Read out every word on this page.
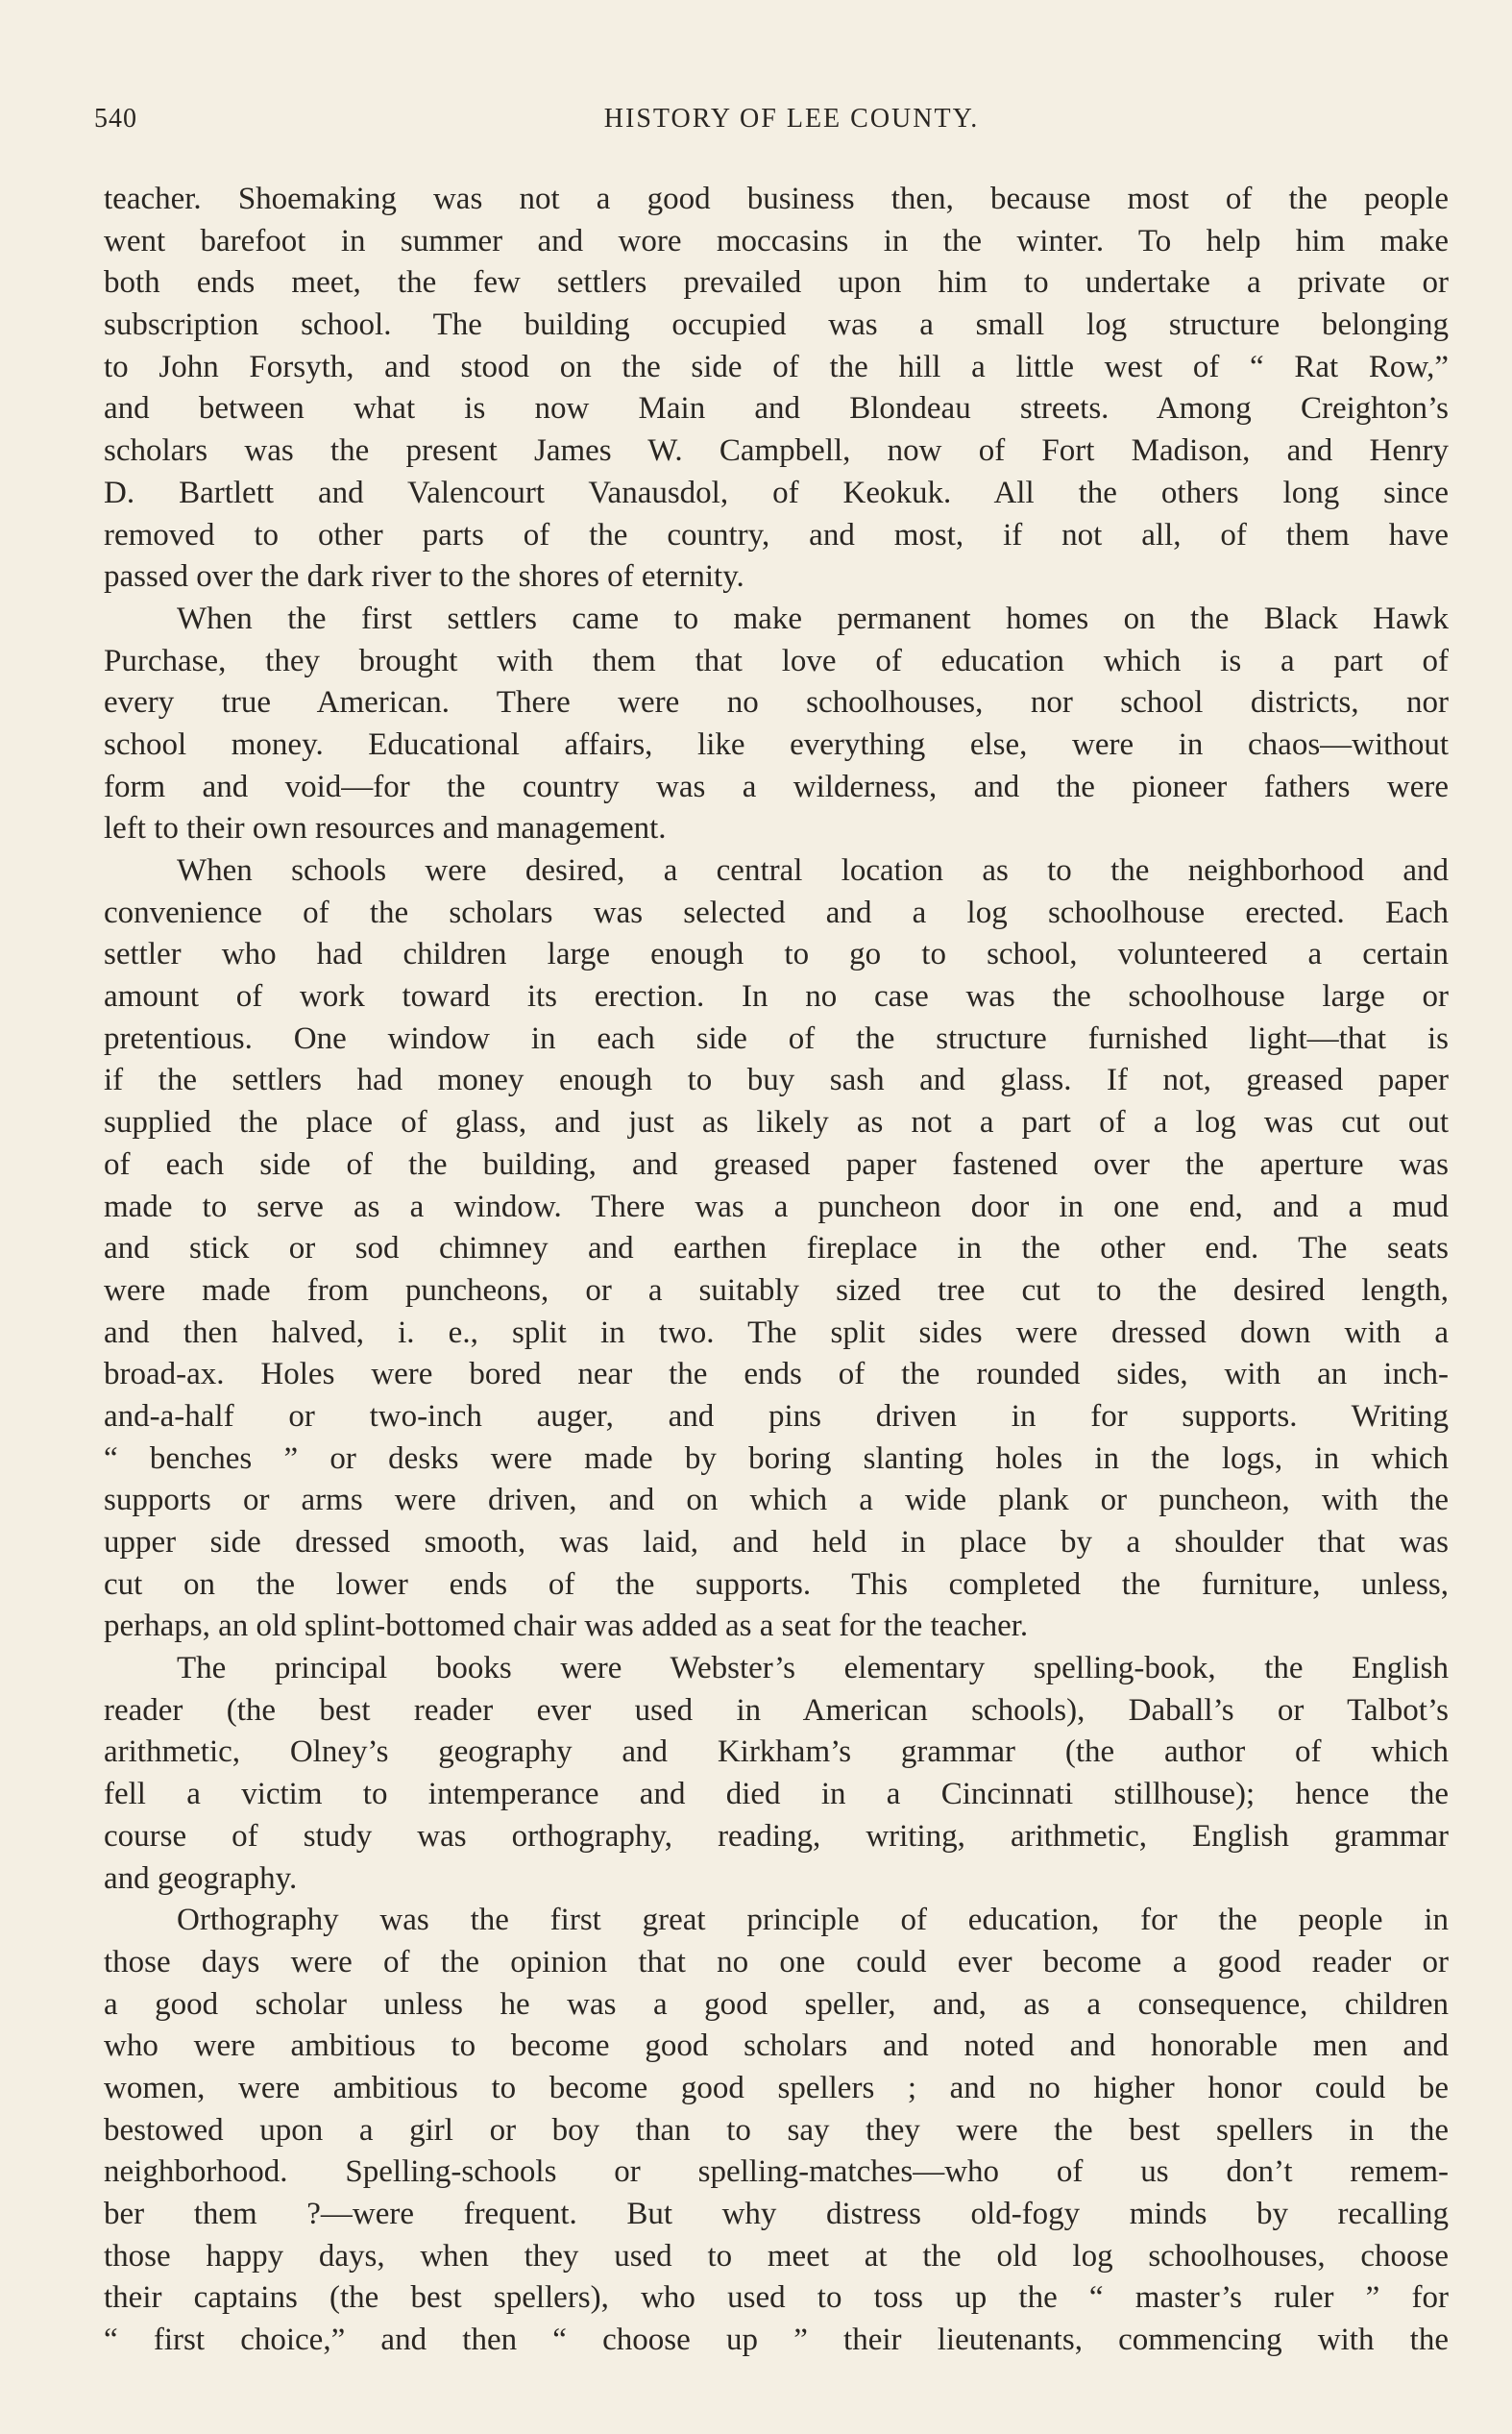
540	HISTORY OF LEE COUNTY.
teacher. Shoemaking was not a good business then, because most of the people
went barefoot in summer and wore moccasins in the winter. To help him make
both ends meet, the few settlers prevailed upon him to undertake a private or
subscription school. The building occupied was a small log structure belonging
to John Forsyth, and stood on the side of the hill a little west of “ Rat Row,”
and between what is now Main and Blondeau streets. Among Creighton’s
scholars was the present James W. Campbell, now of Fort Madison, and Henry
D. Bartlett and Valencourt Vanausdol, of Keokuk. All the others long since
removed to other parts of the country, and most, if not all, of them have
passed over the dark river to the shores of eternity.
When the first settlers came to make permanent homes on the Black Hawk
Purchase, they brought with them that love of education which is a part of
every true American. There were no schoolhouses, nor school districts, nor
school money. Educational affairs, like everything else, were in chaos—without
form and void—for the country was a wilderness, and the pioneer fathers were
left to their own resources and management.
When schools were desired, a central location as to the neighborhood and
convenience of the scholars was selected and a log schoolhouse erected. Each
settler who had children large enough to go to school, volunteered a certain
amount of work toward its erection. In no case was the schoolhouse large or
pretentious. One window in each side of the structure furnished light—that is
if the settlers had money enough to buy sash and glass. If not, greased paper
supplied the place of glass, and just as likely as not a part of a log was cut out
of each side of the building, and greased paper fastened over the aperture was
made to serve as a window. There was a puncheon door in one end, and a mud
and stick or sod chimney and earthen fireplace in the other end. The seats
were made from puncheons, or a suitably sized tree cut to the desired length,
and then halved, i. e., split in two. The split sides were dressed down with a
broad-ax. Holes were bored near the ends of the rounded sides, with an inch-
and-a-half or two-inch auger, and pins driven in for supports. Writing
“ benches ” or desks were made by boring slanting holes in the logs, in which
supports or arms were driven, and on which a wide plank or puncheon, with the
upper side dressed smooth, was laid, and held in place by a shoulder that was
cut on the lower ends of the supports. This completed the furniture, unless,
perhaps, an old splint-bottomed chair was added as a seat for the teacher.
The principal books were Webster’s elementary spelling-book, the English
reader (the best reader ever used in American schools), Daball’s or Talbot’s
arithmetic, Olney’s geography and Kirkham’s grammar (the author of which
fell a victim to intemperance and died in a Cincinnati stillhouse); hence the
course of study was orthography, reading, writing, arithmetic, English grammar
and geography.
Orthography was the first great principle of education, for the people in
those days were of the opinion that no one could ever become a good reader or
a good scholar unless he was a good speller, and, as a consequence, children
who were ambitious to become good scholars and noted and honorable men and
women, were ambitious to become good spellers ; and no higher honor could be
bestowed upon a girl or boy than to say they were the best spellers in the
neighborhood. Spelling-schools or spelling-matches—who of us don’t remem-
ber them ?—were frequent. But why distress old-fogy minds by recalling
those happy days, when they used to meet at the old log schoolhouses, choose
their captains (the best spellers), who used to toss up the “ master’s ruler ” for
“ first choice,” and then “ choose up ” their lieutenants, commencing with the
